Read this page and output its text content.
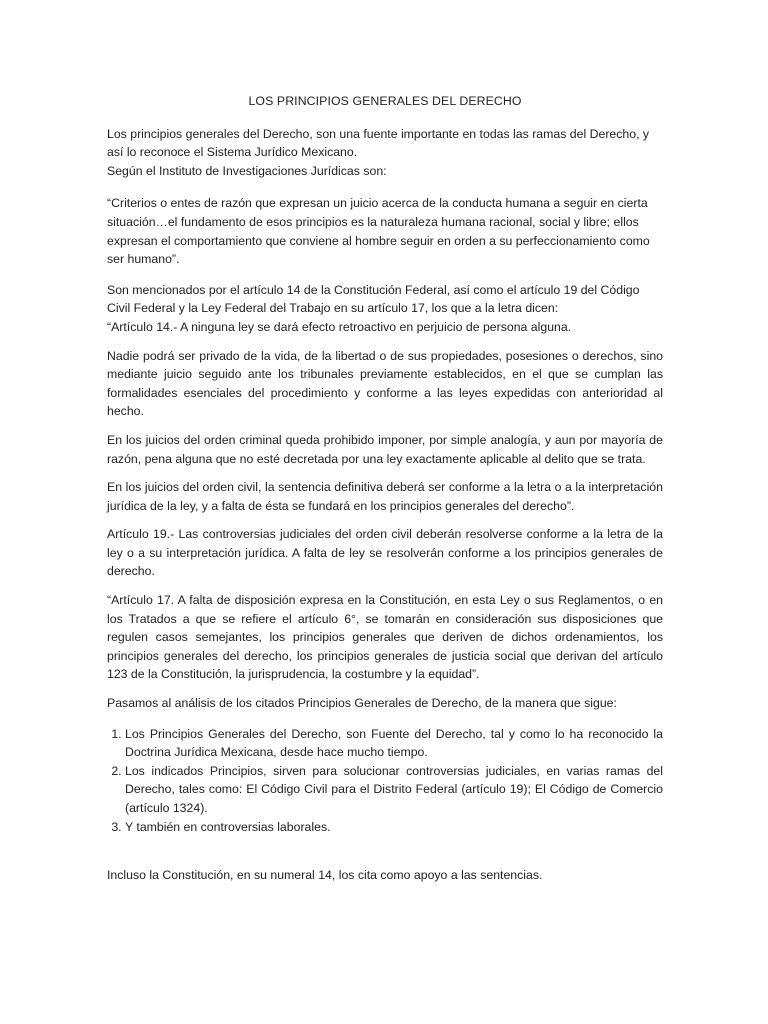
LOS PRINCIPIOS GENERALES DEL DERECHO

Los principios generales del Derecho, son una fuente importante en todas las ramas del Derecho, y así lo reconoce el Sistema Jurídico Mexicano.

Según el Instituto de Investigaciones Jurídicas son:

“Criterios o entes de razón que expresan un juicio acerca de la conducta humana a seguir en cierta situación…el fundamento de esos principios es la naturaleza humana racional, social y libre; ellos expresan el comportamiento que conviene al hombre seguir en orden a su perfeccionamiento como ser humano”.

Son mencionados por el artículo 14 de la Constitución Federal, así como el artículo 19 del Código Civil Federal y la Ley Federal del Trabajo en su artículo 17, los que a la letra dicen:

“Artículo 14.- A ninguna ley se dará efecto retroactivo en perjuicio de persona alguna.

Nadie podrá ser privado de la vida, de la libertad o de sus propiedades, posesiones o derechos, sino mediante juicio seguido ante los tribunales previamente establecidos, en el que se cumplan las formalidades esenciales del procedimiento y conforme a las leyes expedidas con anterioridad al hecho.

En los juicios del orden criminal queda prohibido imponer, por simple analogía, y aun por mayoría de razón, pena alguna que no esté decretada por una ley exactamente aplicable al delito que se trata.

En los juicios del orden civil, la sentencia definitiva deberá ser conforme a la letra o a la interpretación jurídica de la ley, y a falta de ésta se fundará en los principios generales del derecho”.

Artículo 19.- Las controversias judiciales del orden civil deberán resolverse conforme a la letra de la ley o a su interpretación jurídica. A falta de ley se resolverán conforme a los principios generales de derecho.

“Artículo 17. A falta de disposición expresa en la Constitución, en esta Ley o sus Reglamentos, o en los Tratados a que se refiere el artículo 6°, se tomarán en consideración sus disposiciones que regulen casos semejantes, los principios generales que deriven de dichos ordenamientos, los principios generales del derecho, los principios generales de justicia social que derivan del artículo 123 de la Constitución, la jurisprudencia, la costumbre y la equidad”.

Pasamos al análisis de los citados Principios Generales de Derecho, de la manera que sigue:

1. Los Principios Generales del Derecho, son Fuente del Derecho, tal y como lo ha reconocido la Doctrina Jurídica Mexicana, desde hace mucho tiempo.
2. Los indicados Principios, sirven para solucionar controversias judiciales, en varias ramas del Derecho, tales como: El Código Civil para el Distrito Federal (artículo 19); El Código de Comercio (artículo 1324).
3. Y también en controversias laborales.

Incluso la Constitución, en su numeral 14, los cita como apoyo a las sentencias.
